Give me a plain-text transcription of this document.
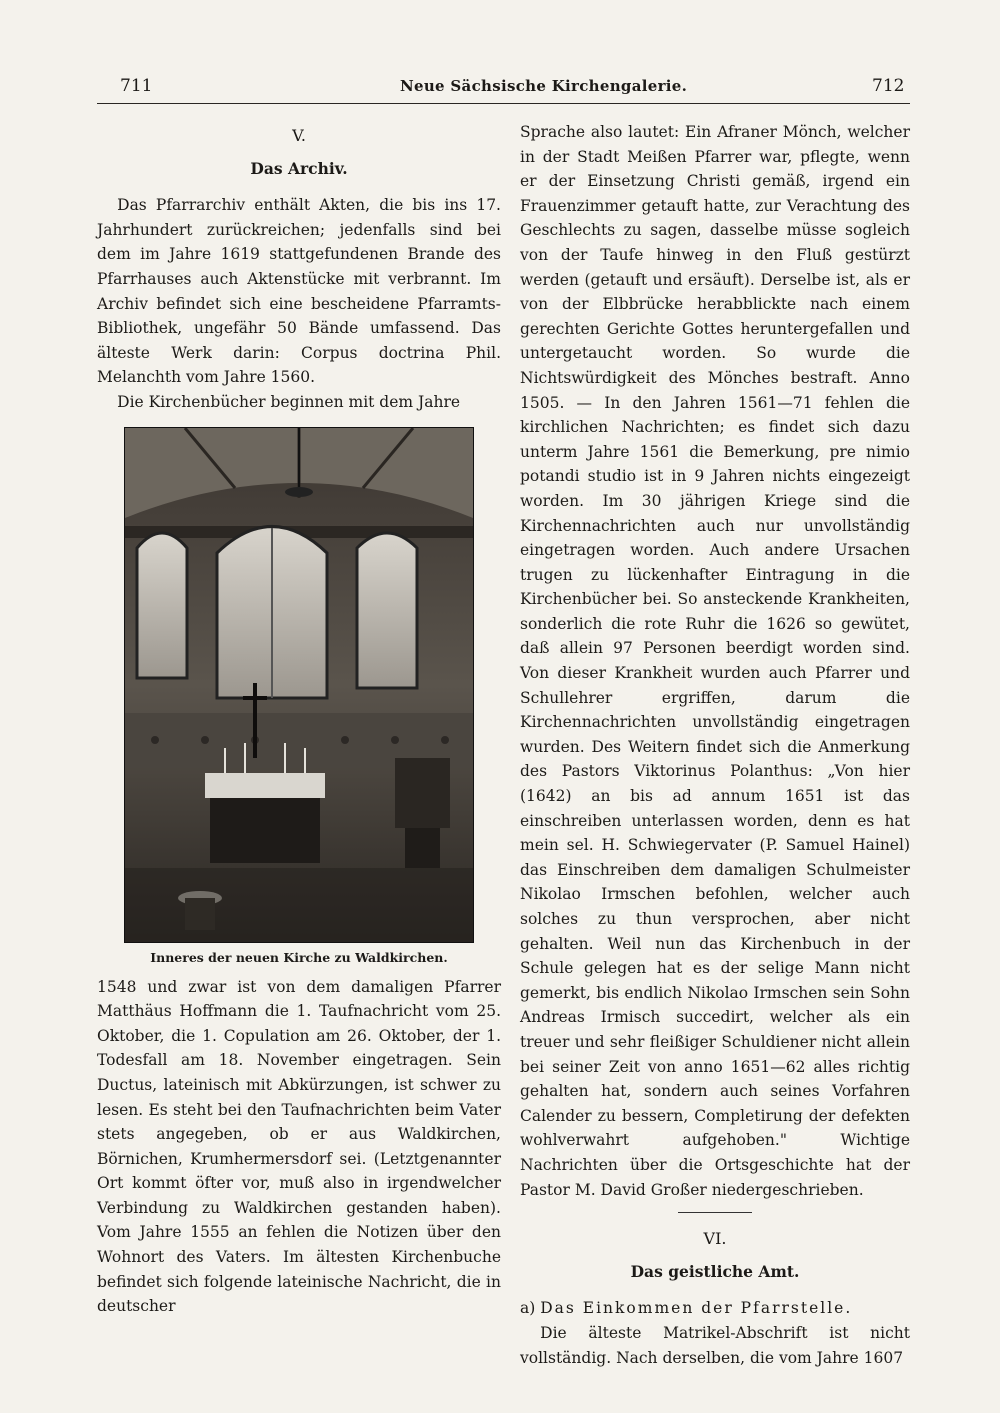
711	Neue Sächsische Kirchengalerie.	712
V.
Das Archiv.

Das Pfarrarchiv enthält Akten, die bis ins 17. Jahrhundert zurückreichen; jedenfalls sind bei dem im Jahre 1619 stattgefundenen Brande des Pfarrhauses auch Aktenstücke mit verbrannt. Im Archiv befindet sich eine bescheidene Pfarramts-Bibliothek, ungefähr 50 Bände umfassend. Das älteste Werk darin: Corpus doctrina Phil. Melanchth vom Jahre 1560.

Die Kirchenbücher beginnen mit dem Jahre

Inneres der neuen Kirche zu Waldkirchen.

1548 und zwar ist von dem damaligen Pfarrer Matthäus Hoffmann die 1. Taufnachricht vom 25. Oktober, die 1. Copulation am 26. Oktober, der 1. Todesfall am 18. November eingetragen. Sein Ductus, lateinisch mit Abkürzungen, ist schwer zu lesen. Es steht bei den Taufnachrichten beim Vater stets angegeben, ob er aus Waldkirchen, Börnichen, Krumhermersdorf sei. (Letztgenannter Ort kommt öfter vor, muß also in irgendwelcher Verbindung zu Waldkirchen gestanden haben). Vom Jahre 1555 an fehlen die Notizen über den Wohnort des Vaters. Im ältesten Kirchenbuche befindet sich folgende lateinische Nachricht, die in deutscher

Sprache also lautet: Ein Afraner Mönch, welcher in der Stadt Meißen Pfarrer war, pflegte, wenn er der Einsetzung Christi gemäß, irgend ein Frauenzimmer getauft hatte, zur Verachtung des Geschlechts zu sagen, dasselbe müsse sogleich von der Taufe hinweg in den Fluß gestürzt werden (getauft und ersäuft). Derselbe ist, als er von der Elbbrücke herabblickte nach einem gerechten Gerichte Gottes heruntergefallen und untergetaucht worden. So wurde die Nichtswürdigkeit des Mönches bestraft. Anno 1505. — In den Jahren 1561—71 fehlen die kirchlichen Nachrichten; es findet sich dazu unterm Jahre 1561 die Bemerkung, pre nimio potandi studio ist in 9 Jahren nichts eingezeigt worden. Im 30 jährigen Kriege sind die Kirchennachrichten auch nur unvollständig eingetragen worden. Auch andere Ursachen trugen zu lückenhafter Eintragung in die Kirchenbücher bei. So ansteckende Krankheiten, sonderlich die rote Ruhr die 1626 so gewütet, daß allein 97 Personen beerdigt worden sind. Von dieser Krankheit wurden auch Pfarrer und Schullehrer ergriffen, darum die Kirchennachrichten unvollständig eingetragen wurden. Des Weitern findet sich die Anmerkung des Pastors Viktorinus Polanthus: „Von hier (1642) an bis ad annum 1651 ist das einschreiben unterlassen worden, denn es hat mein sel. H. Schwiegervater (P. Samuel Hainel) das Einschreiben dem damaligen Schulmeister Nikolao Irmschen befohlen, welcher auch solches zu thun versprochen, aber nicht gehalten. Weil nun das Kirchenbuch in der Schule gelegen hat es der selige Mann nicht gemerkt, bis endlich Nikolao Irmschen sein Sohn Andreas Irmisch succedirt, welcher als ein treuer und sehr fleißiger Schuldiener nicht allein bei seiner Zeit von anno 1651—62 alles richtig gehalten hat, sondern auch seines Vorfahren Calender zu bessern, Completirung der defekten wohlverwahrt aufgehoben." Wichtige Nachrichten über die Ortsgeschichte hat der Pastor M. David Großer niedergeschrieben.

VI.
Das geistliche Amt.

a) Das Einkommen der Pfarrstelle.

Die älteste Matrikel-Abschrift ist nicht vollständig. Nach derselben, die vom Jahre 1607
